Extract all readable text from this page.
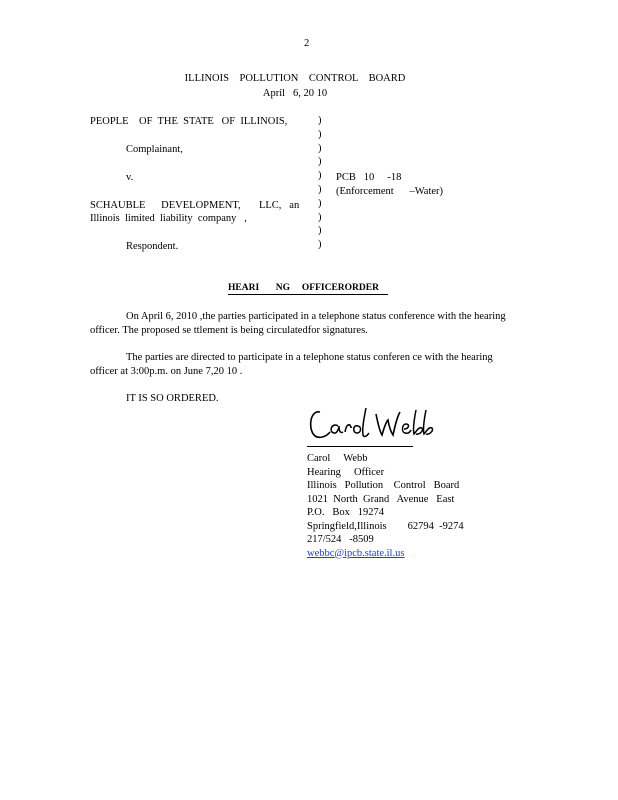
2
ILLINOIS    POLLUTION    CONTROL    BOARD
April   6, 20 10
PEOPLE    OF  THE  STATE   OF  ILLINOIS,
Complainant,
v.
SCHAUBLE      DEVELOPMENT,       LLC,   an
Illinois  limited  liability  company   ,
Respondent.
)
)
)
)
)
)
)
)
)
)
PCB   10     -18
(Enforcement      –Water)
HEARI       NG     OFFICERORDER
On April 6, 2010 ,the parties participated in a telephone status conference with the hearing officer. The proposed se ttlement is being circulatedfor signatures.
The parties are directed to participate in a telephone status conferen ce with the hearing officer at 3:00p.m. on June 7,20 10 .
IT IS SO ORDERED.
Carol     Webb
Hearing     Officer
Illinois   Pollution    Control   Board
1021  North  Grand   Avenue   East
P.O.   Box   19274
Springfield,Illinois        62794  -9274
217/524   -8509
webbc@ipcb.state.il.us
